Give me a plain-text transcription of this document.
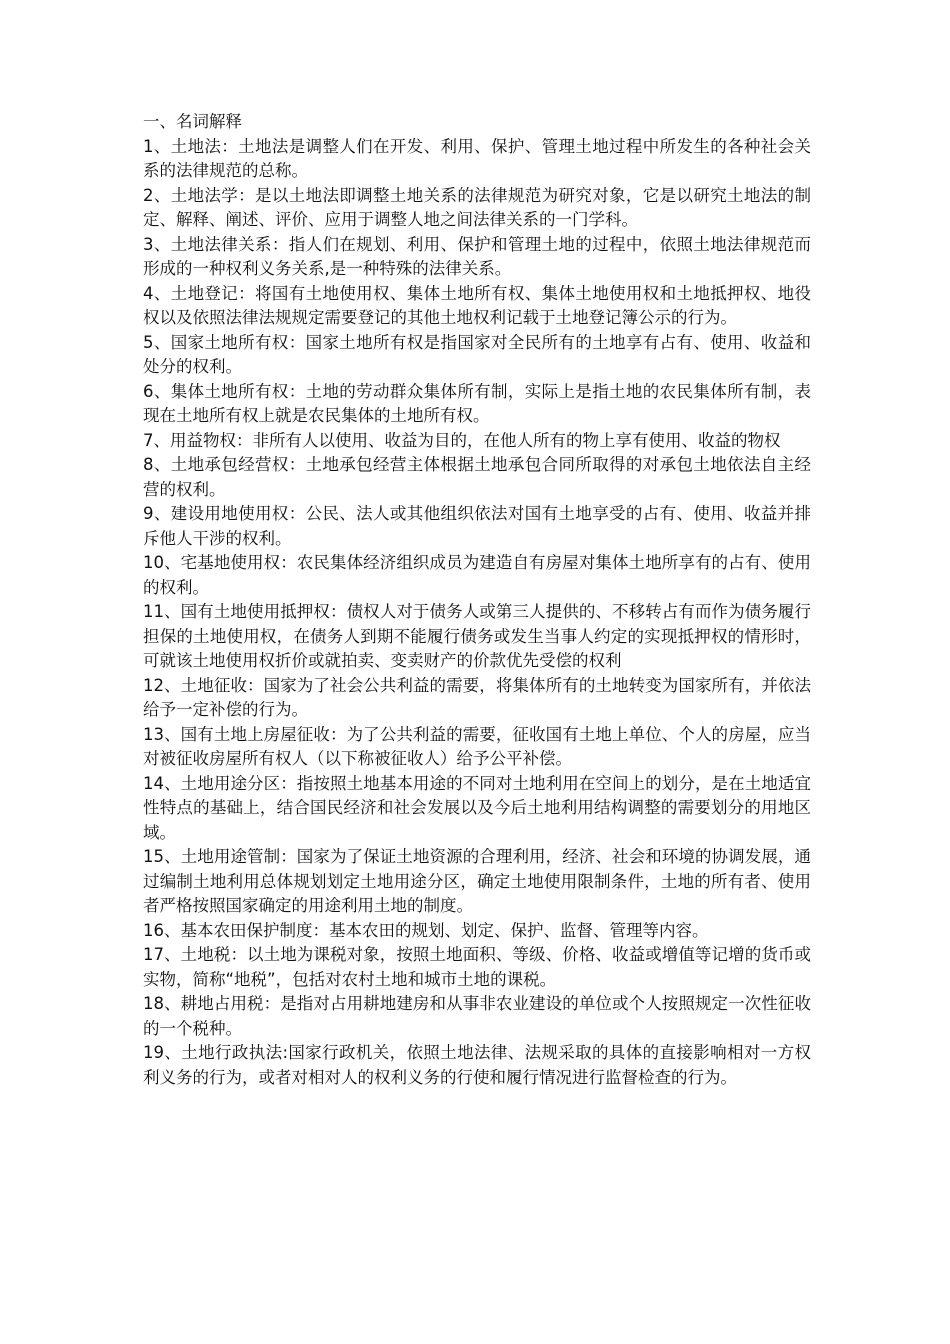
一、名词解释

1、土地法：土地法是调整人们在开发、利用、保护、管理土地过程中所发生的各种社会关系的法律规范的总称。

2、土地法学：是以土地法即调整土地关系的法律规范为研究对象，它是以研究土地法的制定、解释、阐述、评价、应用于调整人地之间法律关系的一门学科。

3、土地法律关系：指人们在规划、利用、保护和管理土地的过程中，依照土地法律规范而形成的一种权利义务关系,是一种特殊的法律关系。

4、土地登记：将国有土地使用权、集体土地所有权、集体土地使用权和土地抵押权、地役权以及依照法律法规规定需要登记的其他土地权利记载于土地登记簿公示的行为。

5、国家土地所有权：国家土地所有权是指国家对全民所有的土地享有占有、使用、收益和处分的权利。

6、集体土地所有权：土地的劳动群众集体所有制，实际上是指土地的农民集体所有制，表现在土地所有权上就是农民集体的土地所有权。

7、用益物权：非所有人以使用、收益为目的，在他人所有的物上享有使用、收益的物权

8、土地承包经营权：土地承包经营主体根据土地承包合同所取得的对承包土地依法自主经营的权利。

9、建设用地使用权：公民、法人或其他组织依法对国有土地享受的占有、使用、收益并排斥他人干涉的权利。

10、宅基地使用权：农民集体经济组织成员为建造自有房屋对集体土地所享有的占有、使用的权利。

11、国有土地使用抵押权：债权人对于债务人或第三人提供的、不移转占有而作为债务履行担保的土地使用权，在债务人到期不能履行债务或发生当事人约定的实现抵押权的情形时，可就该土地使用权折价或就拍卖、变卖财产的价款优先受偿的权利

12、土地征收：国家为了社会公共利益的需要，将集体所有的土地转变为国家所有，并依法给予一定补偿的行为。

13、国有土地上房屋征收：为了公共利益的需要，征收国有土地上单位、个人的房屋，应当对被征收房屋所有权人（以下称被征收人）给予公平补偿。

14、土地用途分区：指按照土地基本用途的不同对土地利用在空间上的划分，是在土地适宜性特点的基础上，结合国民经济和社会发展以及今后土地利用结构调整的需要划分的用地区域。

15、土地用途管制：国家为了保证土地资源的合理利用，经济、社会和环境的协调发展，通过编制土地利用总体规划划定土地用途分区，确定土地使用限制条件，土地的所有者、使用者严格按照国家确定的用途利用土地的制度。

16、基本农田保护制度：基本农田的规划、划定、保护、监督、管理等内容。

17、土地税：以土地为课税对象，按照土地面积、等级、价格、收益或增值等记增的货币或实物，简称“地税”，包括对农村土地和城市土地的课税。

18、耕地占用税：是指对占用耕地建房和从事非农业建设的单位或个人按照规定一次性征收的一个税种。

19、土地行政执法:国家行政机关，依照土地法律、法规采取的具体的直接影响相对一方权利义务的行为，或者对相对人的权利义务的行使和履行情况进行监督检查的行为。
